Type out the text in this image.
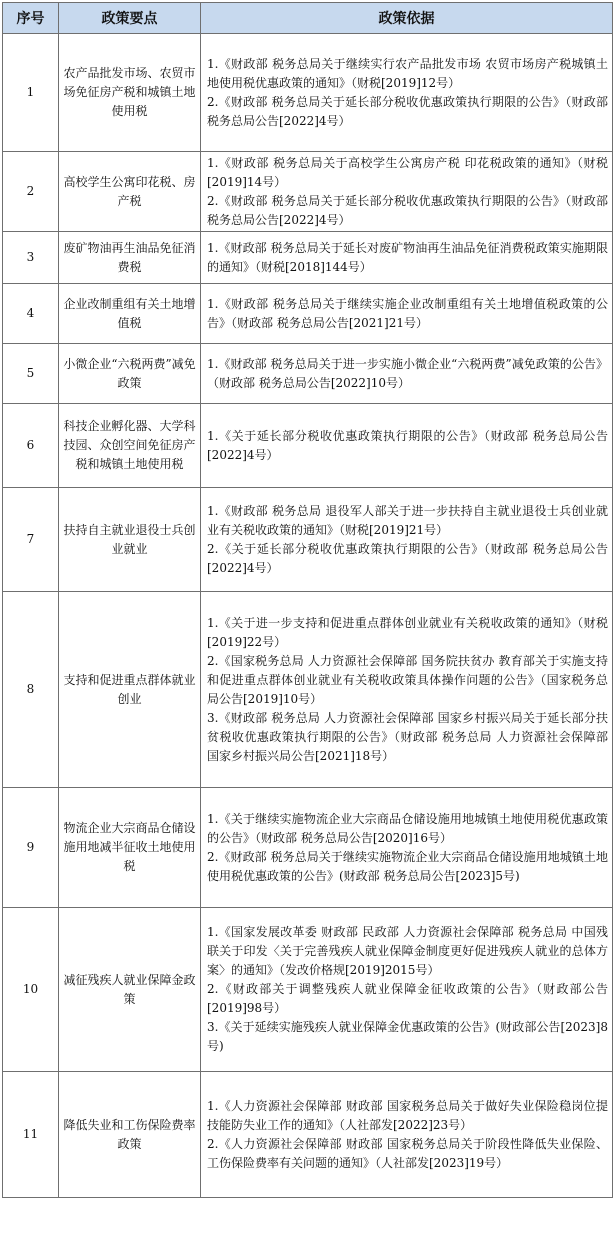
序号	政策要点	政策依据
1	农产品批发市场、农贸市场免征房产税和城镇土地使用税	1.《财政部 税务总局关于继续实行农产品批发市场 农贸市场房产税城镇土地使用税优惠政策的通知》（财税[2019]12号）

2.《财政部 税务总局关于延长部分税收优惠政策执行期限的公告》（财政部 税务总局公告[2022]4号）

2	高校学生公寓印花税、房产税	1.《财政部 税务总局关于高校学生公寓房产税 印花税政策的通知》（财税[2019]14号）

2.《财政部 税务总局关于延长部分税收优惠政策执行期限的公告》（财政部 税务总局公告[2022]4号）

3	废矿物油再生油品免征消费税	1.《财政部 税务总局关于延长对废矿物油再生油品免征消费税政策实施期限的通知》（财税[2018]144号）

4	企业改制重组有关土地增值税	1.《财政部 税务总局关于继续实施企业改制重组有关土地增值税政策的公告》（财政部 税务总局公告[2021]21号）

5	小微企业“六税两费”减免政策	1.《财政部 税务总局关于进一步实施小微企业“六税两费”减免政策的公告》（财政部 税务总局公告[2022]10号）

6	科技企业孵化器、大学科技园、众创空间免征房产税和城镇土地使用税	1.《关于延长部分税收优惠政策执行期限的公告》（财政部 税务总局公告[2022]4号）

7	扶持自主就业退役士兵创业就业	1.《财政部 税务总局 退役军人部关于进一步扶持自主就业退役士兵创业就业有关税收政策的通知》（财税[2019]21号）

2.《关于延长部分税收优惠政策执行期限的公告》（财政部 税务总局公告[2022]4号）

8	支持和促进重点群体就业创业	1.《关于进一步支持和促进重点群体创业就业有关税收政策的通知》（财税[2019]22号）

2.《国家税务总局 人力资源社会保障部 国务院扶贫办 教育部关于实施支持和促进重点群体创业就业有关税收政策具体操作问题的公告》（国家税务总局公告[2019]10号）

3.《财政部 税务总局 人力资源社会保障部 国家乡村振兴局关于延长部分扶贫税收优惠政策执行期限的公告》（财政部 税务总局 人力资源社会保障部 国家乡村振兴局公告[2021]18号）

9	物流企业大宗商品仓储设施用地减半征收土地使用税	1.《关于继续实施物流企业大宗商品仓储设施用地城镇土地使用税优惠政策的公告》（财政部 税务总局公告[2020]16号）

2.《财政部 税务总局关于继续实施物流企业大宗商品仓储设施用地城镇土地使用税优惠政策的公告》(财政部 税务总局公告[2023]5号)

10	减征残疾人就业保障金政策	1.《国家发展改革委 财政部 民政部 人力资源社会保障部 税务总局 中国残联关于印发〈关于完善残疾人就业保障金制度更好促进残疾人就业的总体方案〉的通知》（发改价格规[2019]2015号）

2.《财政部关于调整残疾人就业保障金征收政策的公告》（财政部公告[2019]98号）

3.《关于延续实施残疾人就业保障金优惠政策的公告》(财政部公告[2023]8号)

11	降低失业和工伤保险费率政策	1.《人力资源社会保障部 财政部 国家税务总局关于做好失业保险稳岗位提技能防失业工作的通知》（人社部发[2022]23号）

2.《人力资源社会保障部 财政部 国家税务总局关于阶段性降低失业保险、工伤保险费率有关问题的通知》（人社部发[2023]19号）
